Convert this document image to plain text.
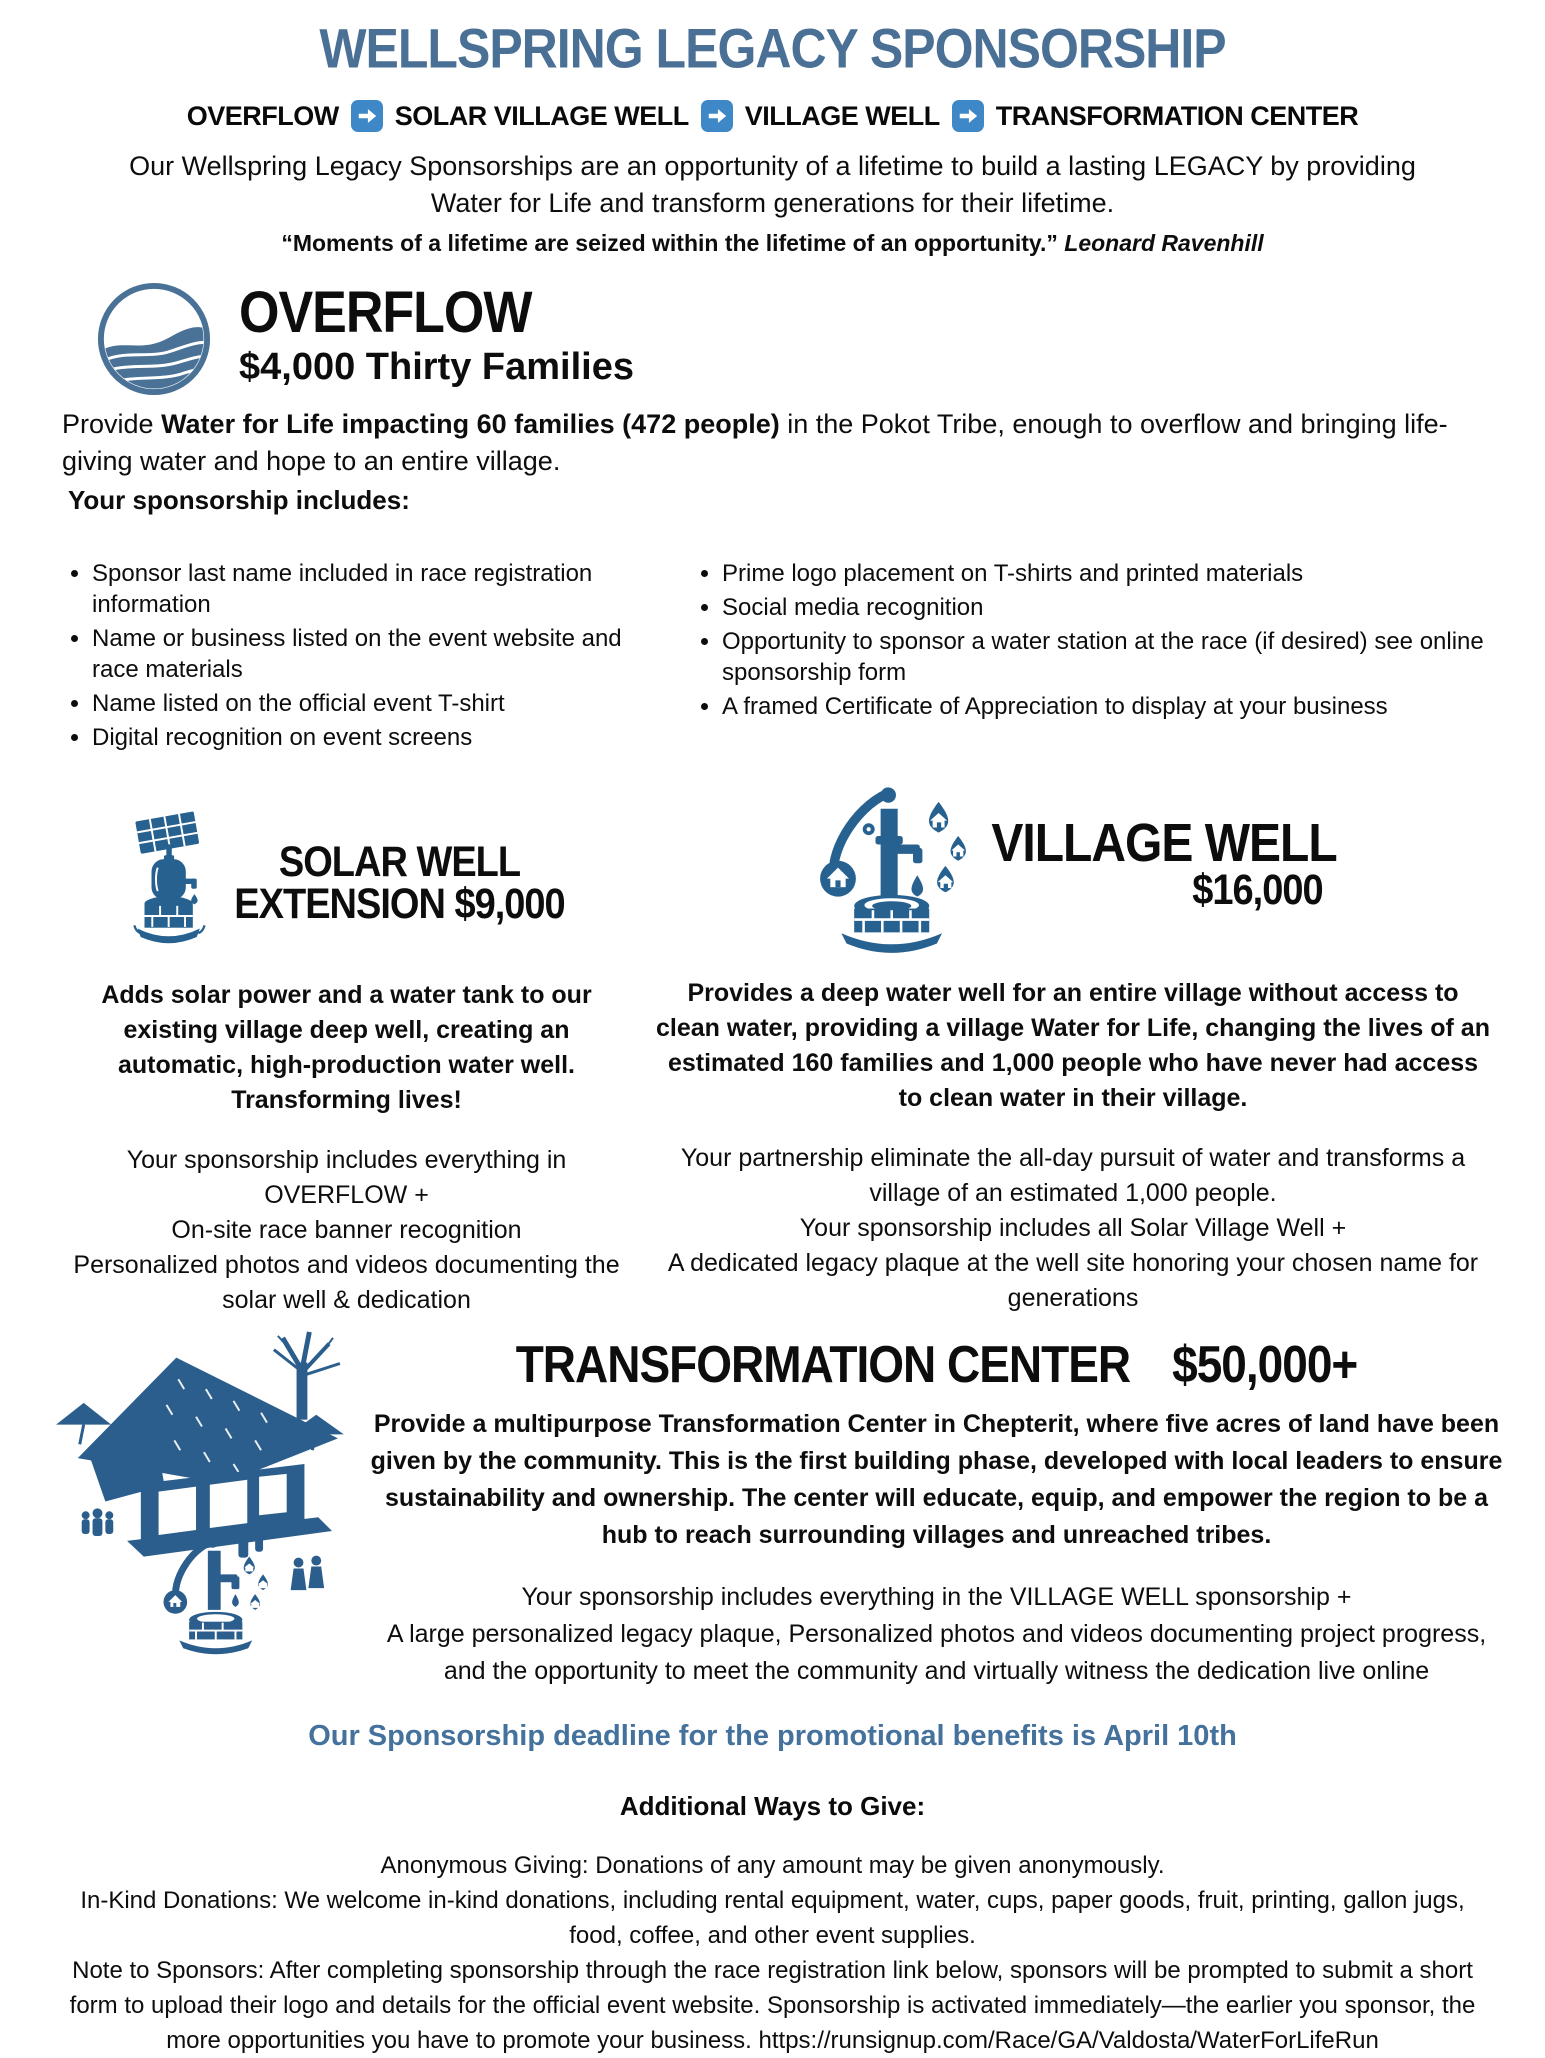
WELLSPRING LEGACY SPONSORSHIP
OVERFLOW SOLAR VILLAGE WELL VILLAGE WELL TRANSFORMATION CENTER

Our Wellspring Legacy Sponsorships are an opportunity of a lifetime to build a lasting LEGACY by providing Water for Life and transform generations for their lifetime.

“Moments of a lifetime are seized within the lifetime of an opportunity.” Leonard Ravenhill

OVERFLOW
$4,000 Thirty Families

Provide Water for Life impacting 60 families (472 people) in the Pokot Tribe, enough to overflow and bringing life-giving water and hope to an entire village.

Your sponsorship includes:

• Sponsor last name included in race registration information
• Name or business listed on the event website and race materials
• Name listed on the official event T-shirt
• Digital recognition on event screens
• Prime logo placement on T-shirts and printed materials
• Social media recognition
• Opportunity to sponsor a water station at the race (if desired) see online sponsorship form
• A framed Certificate of Appreciation to display at your business
SOLAR WELL
EXTENSION $9,000

Adds solar power and a water tank to our existing village deep well, creating an automatic, high-production water well. Transforming lives!

Your sponsorship includes everything in OVERFLOW +

On-site race banner recognition

Personalized photos and videos documenting the solar well & dedication

VILLAGE WELL
$16,000

Provides a deep water well for an entire village without access to clean water, providing a village Water for Life, changing the lives of an estimated 160 families and 1,000 people who have never had access to clean water in their village.

Your partnership eliminate the all-day pursuit of water and transforms a village of an estimated 1,000 people.

Your sponsorship includes all Solar Village Well +

A dedicated legacy plaque at the well site honoring your chosen name for generations

TRANSFORMATION CENTER $50,000+

Provide a multipurpose Transformation Center in Chepterit, where five acres of land have been given by the community. This is the first building phase, developed with local leaders to ensure sustainability and ownership. The center will educate, equip, and empower the region to be a hub to reach surrounding villages and unreached tribes.

Your sponsorship includes everything in the VILLAGE WELL sponsorship +

A large personalized legacy plaque, Personalized photos and videos documenting project progress, and the opportunity to meet the community and virtually witness the dedication live online

Our Sponsorship deadline for the promotional benefits is April 10th

Additional Ways to Give:

Anonymous Giving: Donations of any amount may be given anonymously.

In-Kind Donations: We welcome in-kind donations, including rental equipment, water, cups, paper goods, fruit, printing, gallon jugs, food, coffee, and other event supplies.

Note to Sponsors: After completing sponsorship through the race registration link below, sponsors will be prompted to submit a short form to upload their logo and details for the official event website. Sponsorship is activated immediately—the earlier you sponsor, the more opportunities you have to promote your business. https://runsignup.com/Race/GA/Valdosta/WaterForLifeRun
